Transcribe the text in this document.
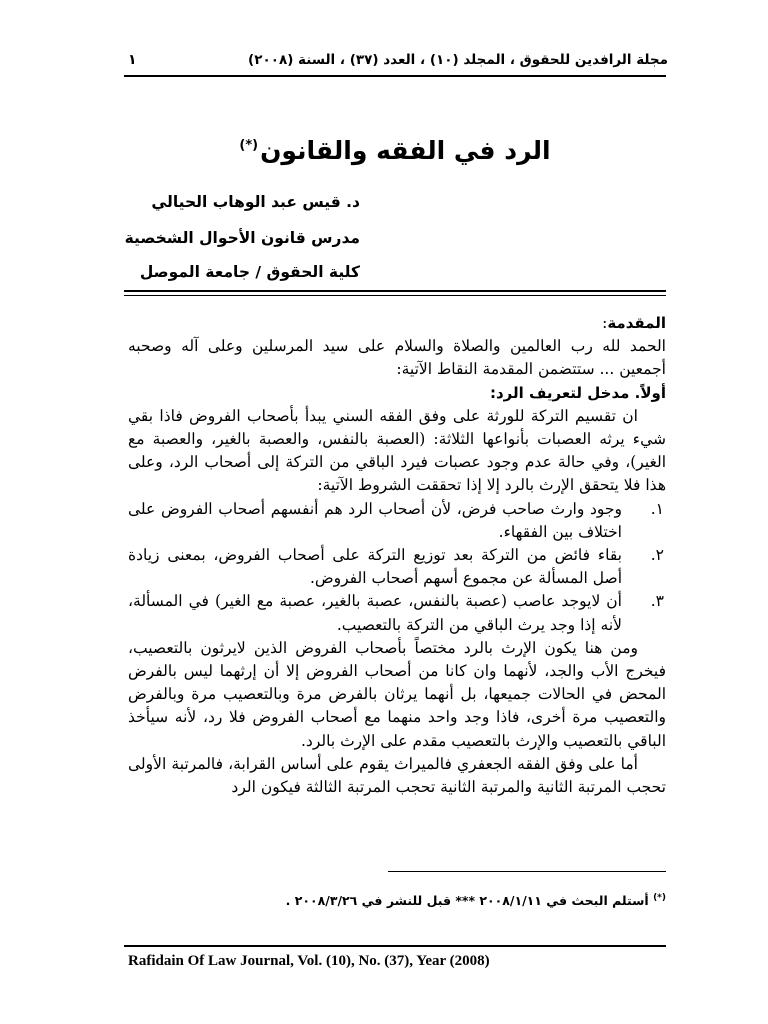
مجلة الرافدين للحقوق ، المجلد (١٠) ، العدد (٣٧) ، السنة (٢٠٠٨)
١
الرد في الفقه والقانون(*)
د. قيس عبد الوهاب الحيالي
مدرس قانون الأحوال الشخصية
كلية الحقوق / جامعة الموصل

المقدمة:

الحمد لله رب العالمين والصلاة والسلام على سيد المرسلين وعلى آله وصحبه أجمعين ... ستتضمن المقدمة النقاط الآتية:

أولاً. مدخل لتعريف الرد:

ان تقسيم التركة للورثة على وفق الفقه السني يبدأ بأصحاب الفروض فاذا بقي شيء يرثه العصبات بأنواعها الثلاثة: (العصبة بالنفس، والعصبة بالغير، والعصبة مع الغير)، وفي حالة عدم وجود عصبات فيرد الباقي من التركة إلى أصحاب الرد، وعلى هذا فلا يتحقق الإرث بالرد إلا إذا تحققت الشروط الآتية:

١.
وجود وارث صاحب فرض، لأن أصحاب الرد هم أنفسهم أصحاب الفروض على اختلاف بين الفقهاء.
٢.
بقاء فائض من التركة بعد توزيع التركة على أصحاب الفروض، بمعنى زيادة أصل المسألة عن مجموع أسهم أصحاب الفروض.
٣.
أن لايوجد عاصب (عصبة بالنفس، عصبة بالغير، عصبة مع الغير) في المسألة، لأنه إذا وجد يرث الباقي من التركة بالتعصيب.

ومن هنا يكون الإرث بالرد مختصاً بأصحاب الفروض الذين لايرثون بالتعصيب، فيخرج الأب والجد، لأنهما وان كانا من أصحاب الفروض إلا أن إرثهما ليس بالفرض المحض في الحالات جميعها، بل أنهما يرثان بالفرض مرة وبالتعصيب مرة وبالفرض والتعصيب مرة أخرى، فاذا وجد واحد منهما مع أصحاب الفروض فلا رد، لأنه سيأخذ الباقي بالتعصيب والإرث بالتعصيب مقدم على الإرث بالرد.

أما على وفق الفقه الجعفري فالميراث يقوم على أساس القرابة، فالمرتبة الأولى تحجب المرتبة الثانية والمرتبة الثانية تحجب المرتبة الثالثة فيكون الرد

(*) أستلم البحث في ٢٠٠٨/١/١١ *** قبل للنشر في ٢٠٠٨/٣/٢٦ .
Rafidain Of Law Journal, Vol. (10), No. (37), Year (2008)
